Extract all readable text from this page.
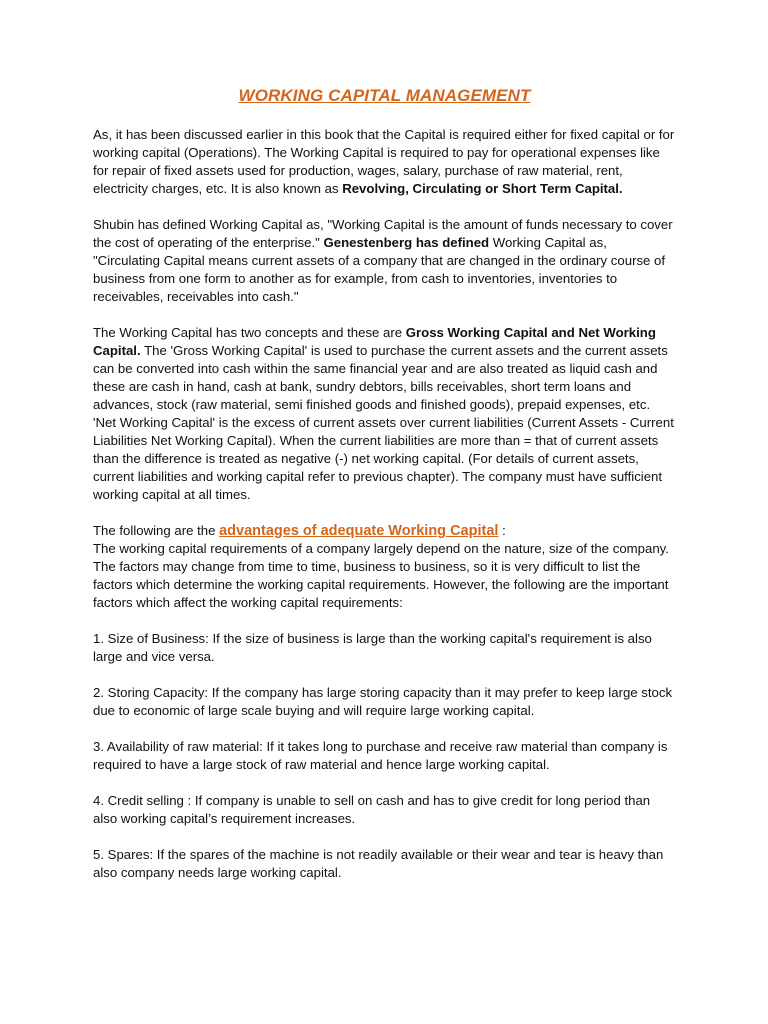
WORKING CAPITAL MANAGEMENT

As, it has been discussed earlier in this book that the Capital is required either for fixed capital or for working capital (Operations). The Working Capital is required to pay for operational expenses like for repair of fixed assets used for production, wages, salary, purchase of raw material, rent, electricity charges, etc. It is also known as Revolving, Circulating or Short Term Capital.

Shubin has defined Working Capital as, "Working Capital is the amount of funds necessary to cover the cost of operating of the enterprise." Genestenberg has defined Working Capital as, "Circulating Capital means current assets of a company that are changed in the ordinary course of business from one form to another as for example, from cash to inventories, inventories to receivables, receivables into cash."

The Working Capital has two concepts and these are Gross Working Capital and Net Working Capital. The 'Gross Working Capital' is used to purchase the current assets and the current assets can be converted into cash within the same financial year and are also treated as liquid cash and these are cash in hand, cash at bank, sundry debtors, bills receivables, short term loans and advances, stock (raw material, semi finished goods and finished goods), prepaid expenses, etc. 'Net Working Capital' is the excess of current assets over current liabilities (Current Assets - Current Liabilities Net Working Capital). When the current liabilities are more than = that of current assets than the difference is treated as negative (-) net working capital. (For details of current assets, current liabilities and working capital refer to previous chapter). The company must have sufficient working capital at all times.

The following are the advantages of adequate Working Capital :

The working capital requirements of a company largely depend on the nature, size of the company. The factors may change from time to time, business to business, so it is very difficult to list the factors which determine the working capital requirements. However, the following are the important factors which affect the working capital requirements:

1. Size of Business: If the size of business is large than the working capital's requirement is also large and vice versa.

2. Storing Capacity: If the company has large storing capacity than it may prefer to keep large stock due to economic of large scale buying and will require large working capital.

3. Availability of raw material: If it takes long to purchase and receive raw material than company is required to have a large stock of raw material and hence large working capital.

4. Credit selling : If company is unable to sell on cash and has to give credit for long period than also working capital’s requirement increases.

5. Spares: If the spares of the machine is not readily available or their wear and tear is heavy than also company needs large working capital.
